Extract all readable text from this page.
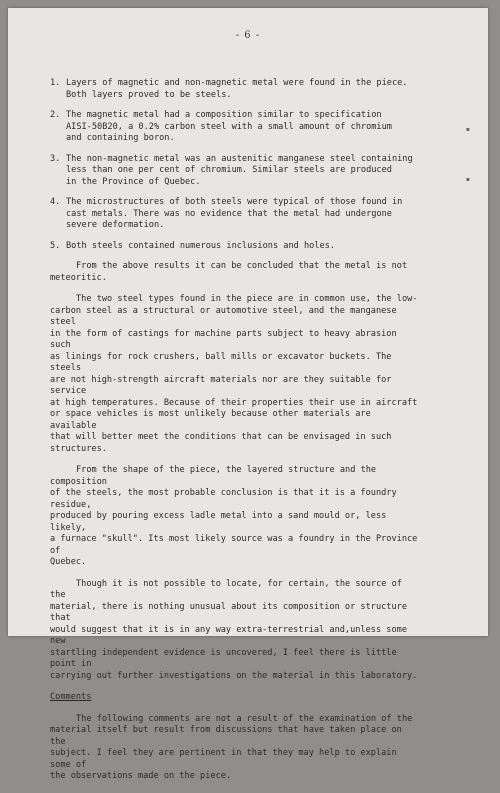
- 6 -
▪
▪
1. Layers of magnetic and non-magnetic metal were found in the piece.
Both layers proved to be steels.
2. The magnetic metal had a composition similar to specification
AISI-50B20, a 0.2% carbon steel with a small amount of chromium
and containing boron.
3. The non-magnetic metal was an austenitic manganese steel containing
less than one per cent of chromium. Similar steels are produced
in the Province of Quebec.
4. The microstructures of both steels were typical of those found in
cast metals. There was no evidence that the metal had undergone
severe deformation.
5. Both steels contained numerous inclusions and holes.

From the above results it can be concluded that the metal is not
meteoritic.

The two steel types found in the piece are in common use, the low-
carbon steel as a structural or automotive steel, and the manganese steel
in the form of castings for machine parts subject to heavy abrasion such
as linings for rock crushers, ball mills or excavator buckets. The steels
are not high-strength aircraft materials nor are they suitable for service
at high temperatures. Because of their properties their use in aircraft
or space vehicles is most unlikely because other materials are available
that will better meet the conditions that can be envisaged in such structures.

From the shape of the piece, the layered structure and the composition
of the steels, the most probable conclusion is that it is a foundry residue,
produced by pouring excess ladle metal into a sand mould or, less likely,
a furnace "skull". Its most likely source was a foundry in the Province of
Quebec.

Though it is not possible to locate, for certain, the source of the
material, there is nothing unusual about its composition or structure that
would suggest that it is in any way extra-terrestrial and,unless some new
startling independent evidence is uncovered, I feel there is little point in
carrying out further investigations on the material in this laboratory.

Comments

The following comments are not a result of the examination of the
material itself but result from discussions that have taken place on the
subject. I feel they are pertinent in that they may help to explain some of
the observations made on the piece.
